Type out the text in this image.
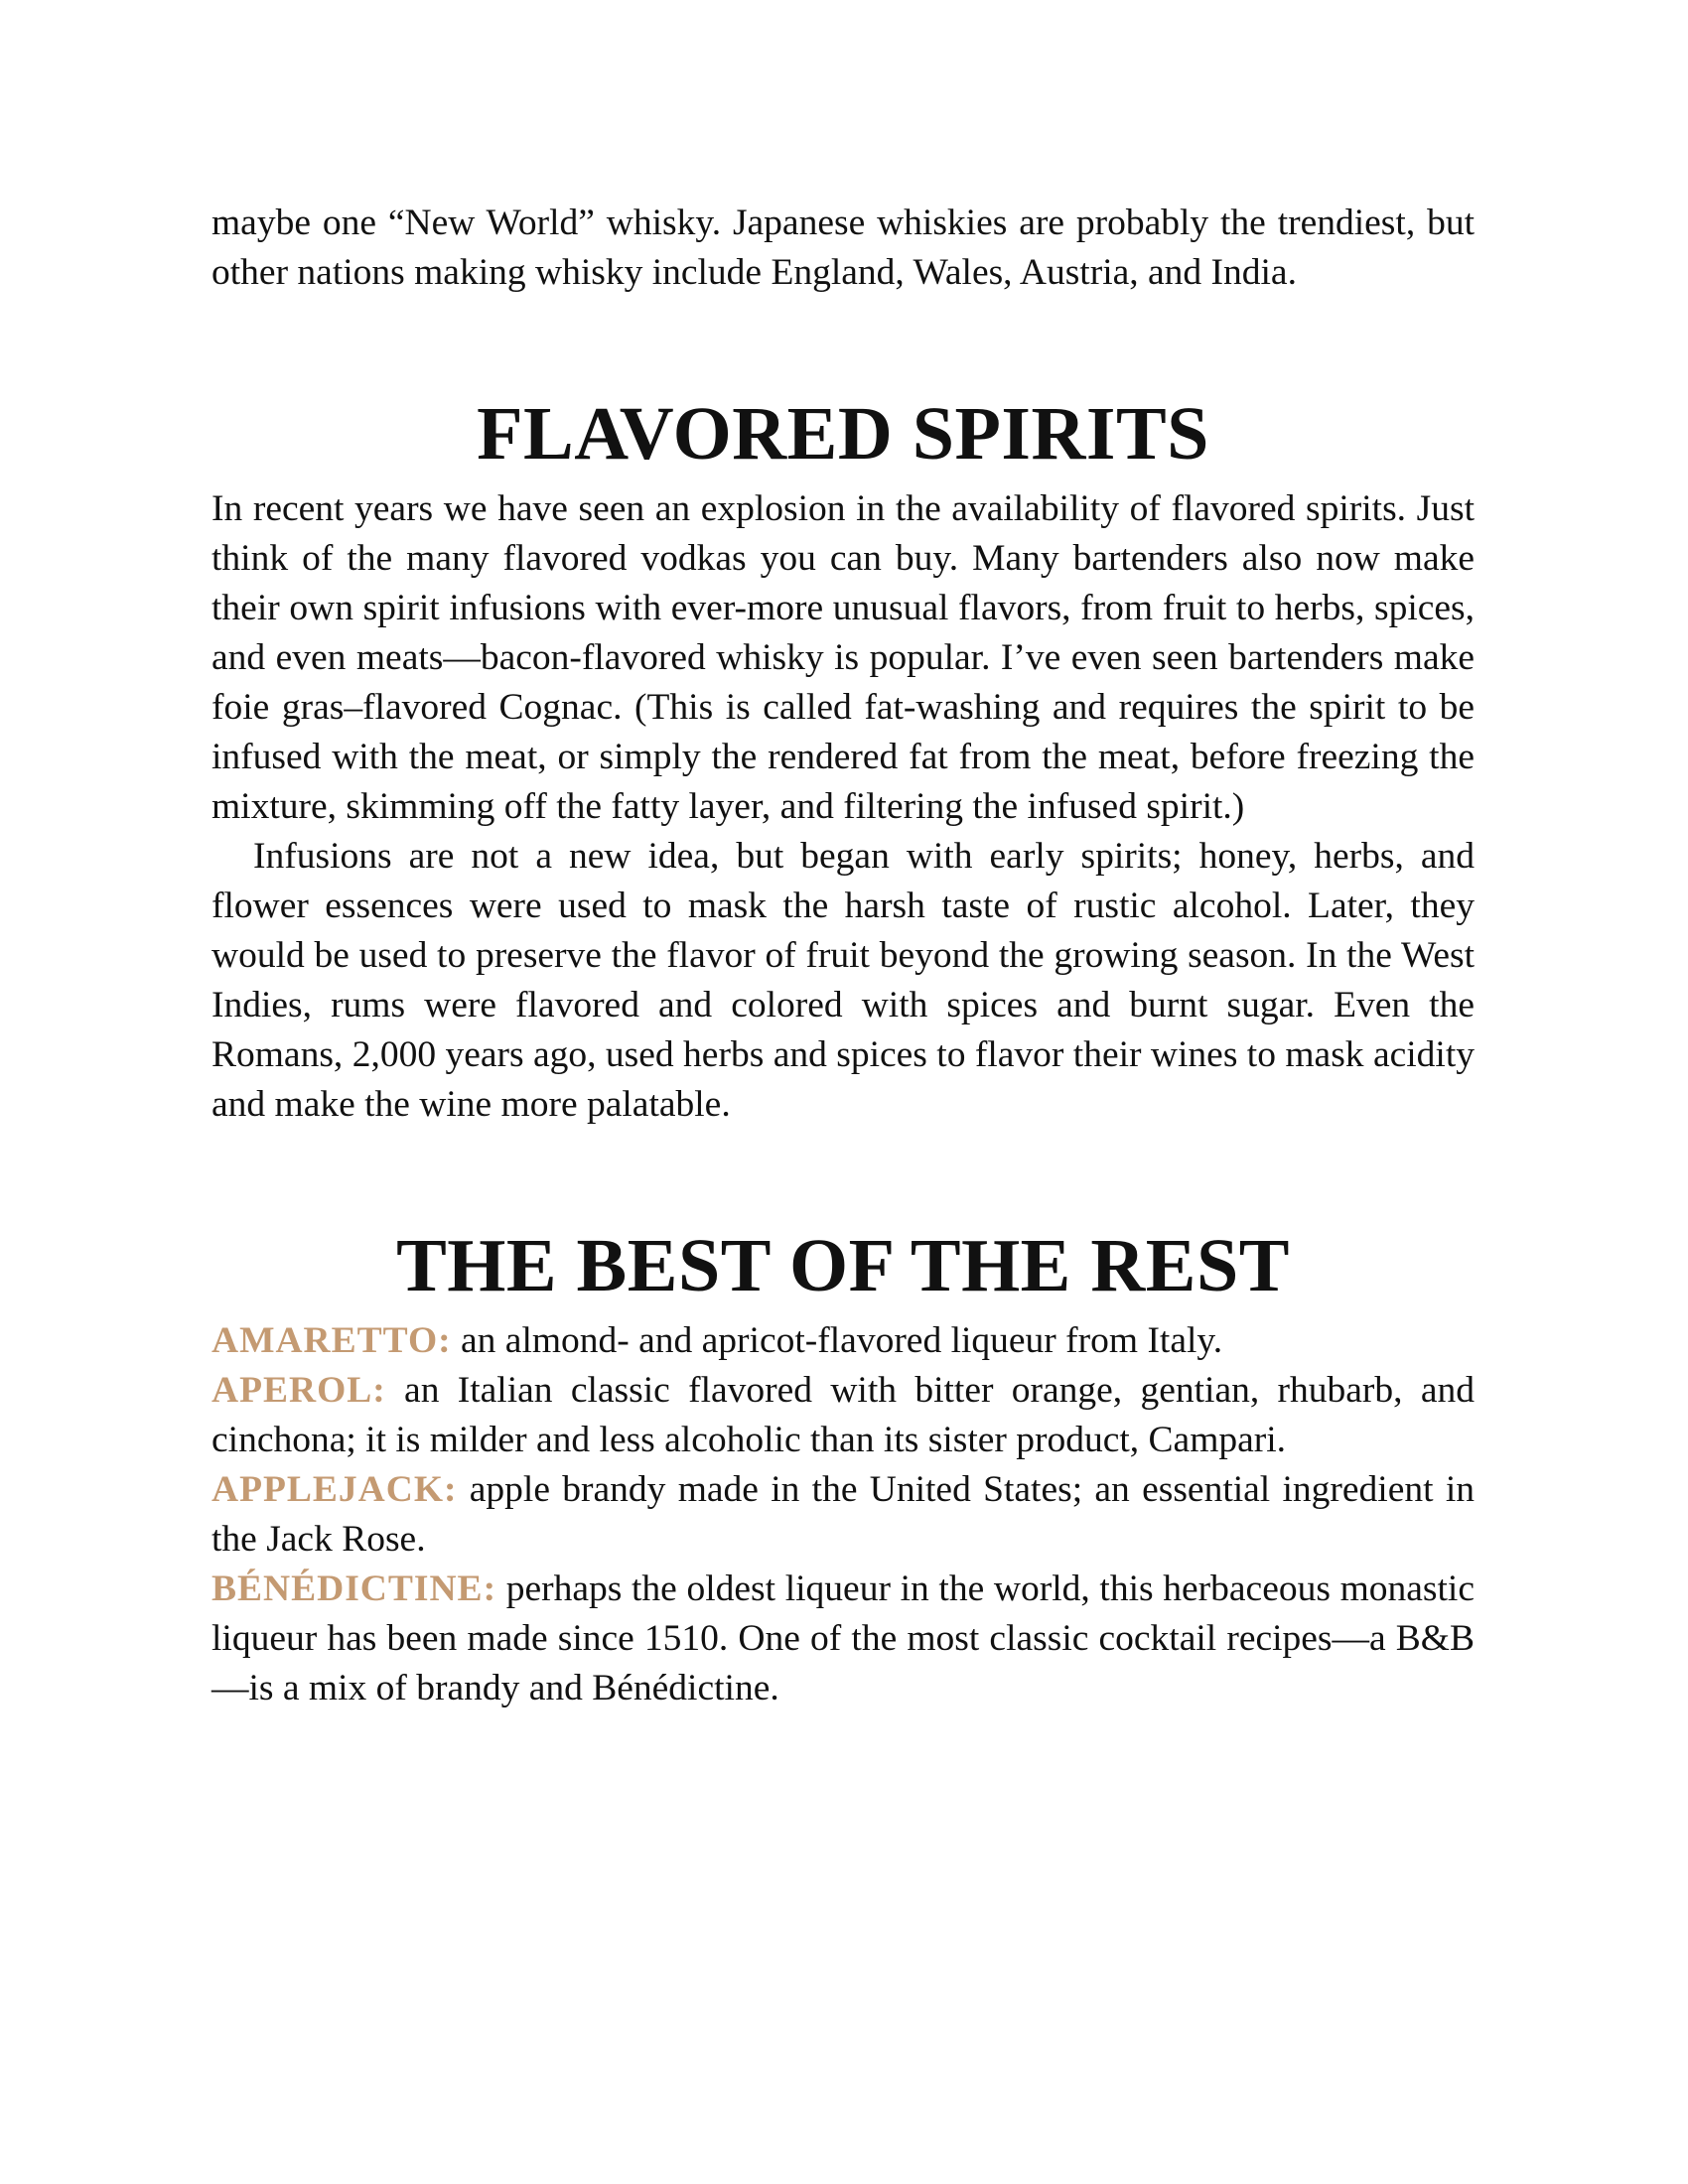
maybe one “New World” whisky. Japanese whiskies are probably the trendiest, but other nations making whisky include England, Wales, Austria, and India.

FLAVORED SPIRITS

In recent years we have seen an explosion in the availability of flavored spirits. Just think of the many flavored vodkas you can buy. Many bartenders also now make their own spirit infusions with ever-more unusual flavors, from fruit to herbs, spices, and even meats—bacon-flavored whisky is popular. I’ve even seen bartenders make foie gras–flavored Cognac. (This is called fat-washing and requires the spirit to be infused with the meat, or simply the rendered fat from the meat, before freezing the mixture, skimming off the fatty layer, and filtering the infused spirit.)

Infusions are not a new idea, but began with early spirits; honey, herbs, and flower essences were used to mask the harsh taste of rustic alcohol. Later, they would be used to preserve the flavor of fruit beyond the growing season. In the West Indies, rums were flavored and colored with spices and burnt sugar. Even the Romans, 2,000 years ago, used herbs and spices to flavor their wines to mask acidity and make the wine more palatable.

THE BEST OF THE REST

AMARETTO: an almond- and apricot-flavored liqueur from Italy.

APEROL: an Italian classic flavored with bitter orange, gentian, rhubarb, and cinchona; it is milder and less alcoholic than its sister product, Campari.

APPLEJACK: apple brandy made in the United States; an essential ingredient in the Jack Rose.

BÉNÉDICTINE: perhaps the oldest liqueur in the world, this herbaceous monastic liqueur has been made since 1510. One of the most classic cocktail recipes—a B&B—is a mix of brandy and Bénédictine.
